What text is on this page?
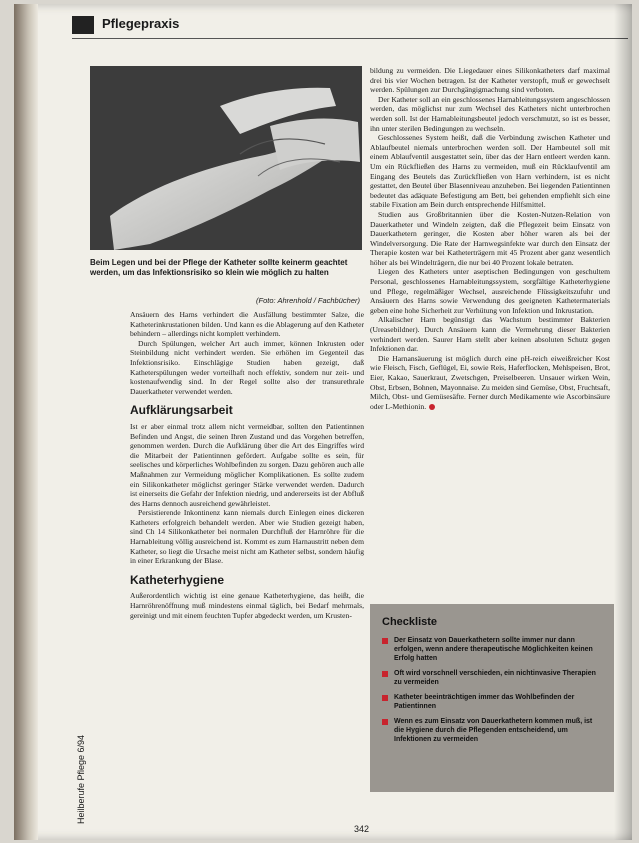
Pflegepraxis
Beim Legen und bei der Pflege der Katheter sollte keinerm geachtet werden, um das Infektionsrisiko so klein wie möglich zu halten
(Foto: Ahrenhold / Fachbücher)

Ansäuern des Harns verhindert die Ausfällung bestimmter Salze, die Katheterinkrustationen bilden. Und kann es die Ablagerung auf den Katheter behindern – allerdings nicht komplett verhindern.

Durch Spülungen, welcher Art auch immer, können Inkrusten oder Steinbildung nicht verhindert werden. Sie erhöhen im Gegenteil das Infektionsrisiko. Einschlägige Studien haben gezeigt, daß Katheterspülungen weder vorteilhaft noch effektiv, sondern nur zeit- und kostenaufwendig sind. In der Regel sollte also der transurethrale Dauerkatheter verwendet werden.

Aufklärungsarbeit

Ist er aber einmal trotz allem nicht vermeidbar, sollten den Patientinnen Befinden und Angst, die seinen Ihren Zustand und das Vorgehen betreffen, genommen werden. Durch die Aufklärung über die Art des Eingriffes wird die Mitarbeit der Patientinnen gefördert. Aufgabe sollte es sein, für seelisches und körperliches Wohlbefinden zu sorgen. Dazu gehören auch alle Maßnahmen zur Vermeidung möglicher Komplikationen. Es sollte zudem ein Silikonkatheter möglichst geringer Stärke verwendet werden. Dadurch ist einerseits die Gefahr der Infektion niedrig, und andererseits ist der Abfluß des Harns dennoch ausreichend gewährleistet.

Persistierende Inkontinenz kann niemals durch Einlegen eines dickeren Katheters erfolgreich behandelt werden. Aber wie Studien gezeigt haben, sind Ch 14 Silikonkatheter bei normalen Durchfluß der Harnröhre für die Harnableitung völlig ausreichend ist. Kommt es zum Harnaustritt neben dem Katheter, so liegt die Ursache meist nicht am Katheter selbst, sondern häufig in einer Erkrankung der Blase.

Katheterhygiene

Außerordentlich wichtig ist eine genaue Katheterhygiene, das heißt, die Harnröhrenöffnung muß mindestens einmal täglich, bei Bedarf mehrmals, gereinigt und mit einem feuchten Tupfer abgedeckt werden, um Krusten-

bildung zu vermeiden. Die Liegedauer eines Silikonkatheters darf maximal drei bis vier Wochen betragen. Ist der Katheter verstopft, muß er gewechselt werden. Spülungen zur Durchgängigmachung sind verboten.

Der Katheter soll an ein geschlossenes Harnableitungssystem angeschlossen werden, das möglichst nur zum Wechsel des Katheters nicht unterbrochen werden soll. Ist der Harnableitungsbeutel jedoch verschmutzt, so ist es besser, ihn unter sterilen Bedingungen zu wechseln.

Geschlossenes System heißt, daß die Verbindung zwischen Katheter und Ablaufbeutel niemals unterbrochen werden soll. Der Harnbeutel soll mit einem Ablaufventil ausgestattet sein, über das der Harn entleert werden kann. Um ein Rückfließen des Harns zu vermeiden, muß ein Rücklaufventil am Eingang des Beutels das Zurückfließen von Harn verhindern, ist es nicht gestattet, den Beutel über Blasenniveau anzuheben. Bei liegenden Patientinnen bedeutet das adäquate Befestigung am Bett, bei gehenden empfiehlt sich eine stabile Fixation am Bein durch entsprechende Hilfsmittel.

Studien aus Großbritannien über die Kosten-Nutzen-Relation von Dauerkatheter und Windeln zeigten, daß die Pflegezeit beim Einsatz von Dauerkathetern geringer, die Kosten aber höher waren als bei der Windelversorgung. Die Rate der Harnwegsinfekte war durch den Einsatz der Therapie kosten war bei Katheterträgern mit 45 Prozent aber ganz wesentlich höher als bei Windelträgern, die nur bei 40 Prozent lokale betraten.

Liegen des Katheters unter aseptischen Bedingungen von geschultem Personal, geschlossenes Harnableitungssystem, sorgfältige Katheterhygiene und Pflege, regelmäßiger Wechsel, ausreichende Flüssigkeitszufuhr und Ansäuern des Harns sowie Verwendung des geeigneten Kathetermaterials geben eine hohe Sicherheit zur Verhütung von Infektion und Inkrustation.

Alkalischer Harn begünstigt das Wachstum bestimmter Bakterien (Ureasebildner). Durch Ansäuern kann die Vermehrung dieser Bakterien verhindert werden. Saurer Harn stellt aber keinen absoluten Schutz gegen Infektionen dar.

Die Harnansäuerung ist möglich durch eine pH-reich eiweißreicher Kost wie Fleisch, Fisch, Geflügel, Ei, sowie Reis, Haferflocken, Mehlspeisen, Brot, Eier, Kakao, Sauerkraut, Zwetschgen, Preiselbeeren. Unsauer wirken Wein, Obst, Erbsen, Bohnen, Mayonnaise. Zu meiden sind Gemüse, Obst, Fruchtsaft, Milch, Obst- und Gemüsesäfte. Ferner durch Medikamente wie Ascorbinsäure oder L-Methionin.

Checkliste
Der Einsatz von Dauerkathetern sollte immer nur dann erfolgen, wenn andere therapeutische Möglichkeiten keinen Erfolg hatten
Oft wird vorschnell verschieden, ein nichtinvasive Therapien zu vermeiden
Katheter beeinträchtigen immer das Wohlbefinden der Patientinnen
Wenn es zum Einsatz von Dauerkathetern kommen muß, ist die Hygiene durch die Pflegenden entscheidend, um Infektionen zu vermeiden
Heilberufe Pflege 6/94
342
